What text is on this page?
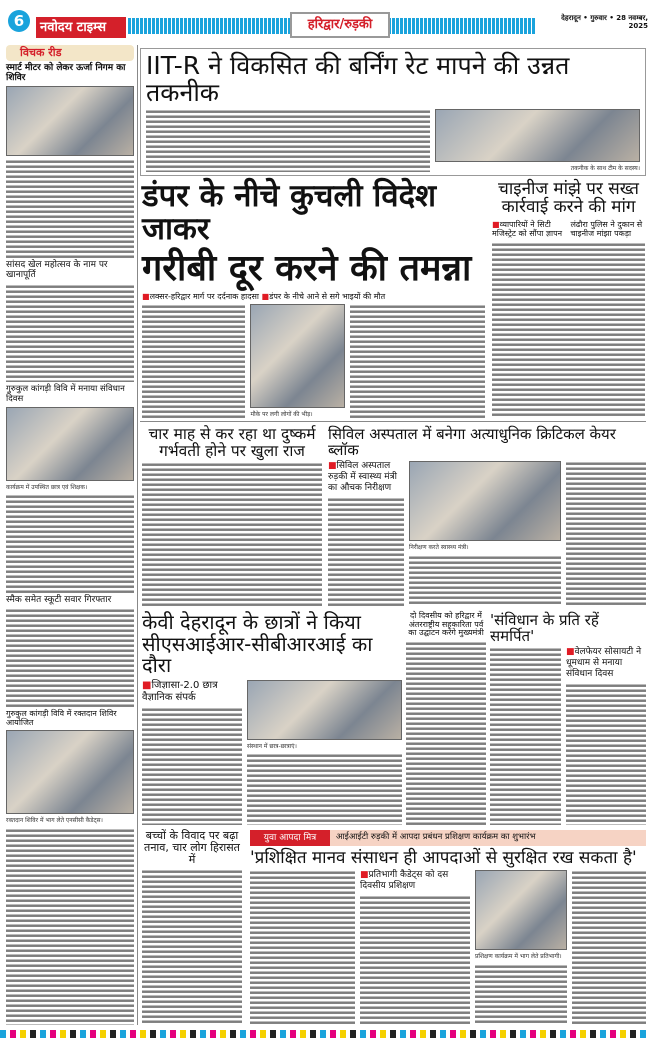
6	नवोदय टाइम्स	हरिद्वार/रुड़की	देहरादून • गुरुवार • 28 नवम्बर, 2025
विचक रीड
स्मार्ट मीटर को लेकर ऊर्जा निगम का शिविर
सांसद खेल महोत्सव के नाम पर खानापूर्ति
गुरुकुल कांगड़ी विवि में मनाया संविधान दिवस
कार्यक्रम में उपस्थित छात्र एवं शिक्षक।
स्मैक समेत स्कूटी सवार गिरफ्तार
गुरुकुल कांगड़ी विवि में रक्तदान शिविर आयोजित
रक्तदान शिविर में भाग लेते एनसीसी कैडेट्स।
IIT-R ने विकसित की बर्निंग रेट मापने की उन्नत तकनीक
तकनीक के साथ टीम के सदस्य।
डंपर के नीचे कुचली विदेश जाकर
गरीबी दूर करने की तमन्ना
■लक्सर-हरिद्वार मार्ग पर दर्दनाक हादसा ■डंपर के नीचे आने से सगे भाइयों की मौत
मौके पर लगी लोगों की भीड़।
चाइनीज मांझे पर सख्त कार्रवाई करने की मांग
■व्यापारियों ने सिटी मजिस्ट्रेट को सौंपा ज्ञापन
लंढौरा पुलिस ने दुकान से चाइनीज मांझा पकड़ा
चार माह से कर रहा था दुष्कर्म गर्भवती होने पर खुला राज
सिविल अस्पताल में बनेगा अत्याधुनिक क्रिटिकल केयर ब्लॉक
■सिविल अस्पताल रुड़की में स्वास्थ्य मंत्री का औचक निरीक्षण
निरीक्षण करते स्वास्थ्य मंत्री।
केवी देहरादून के छात्रों ने किया सीएसआईआर-सीबीआरआई का दौरा
■जिज्ञासा-2.0 छात्र वैज्ञानिक संपर्क
संस्थान में छात्र-छात्राएं।
दो दिवसीय को हरिद्वार में अंतरराष्ट्रीय सहकारिता पर्व का उद्घाटन करेंगे मुख्यमंत्री
'संविधान के प्रति रहें समर्पित'
■वेलफेयर सोसायटी ने धूमधाम से मनाया संविधान दिवस
बच्चों के विवाद पर बढ़ा तनाव, चार लोग हिरासत में
युवा आपदा मित्र	आईआईटी रुड़की में आपदा प्रबंधन प्रशिक्षण कार्यक्रम का शुभारंभ
'प्रशिक्षित मानव संसाधन ही आपदाओं से सुरक्षित रख सकता है'
■प्रतिभागी कैडेट्स को दस दिवसीय प्रशिक्षण
प्रशिक्षण कार्यक्रम में भाग लेते प्रतिभागी।
